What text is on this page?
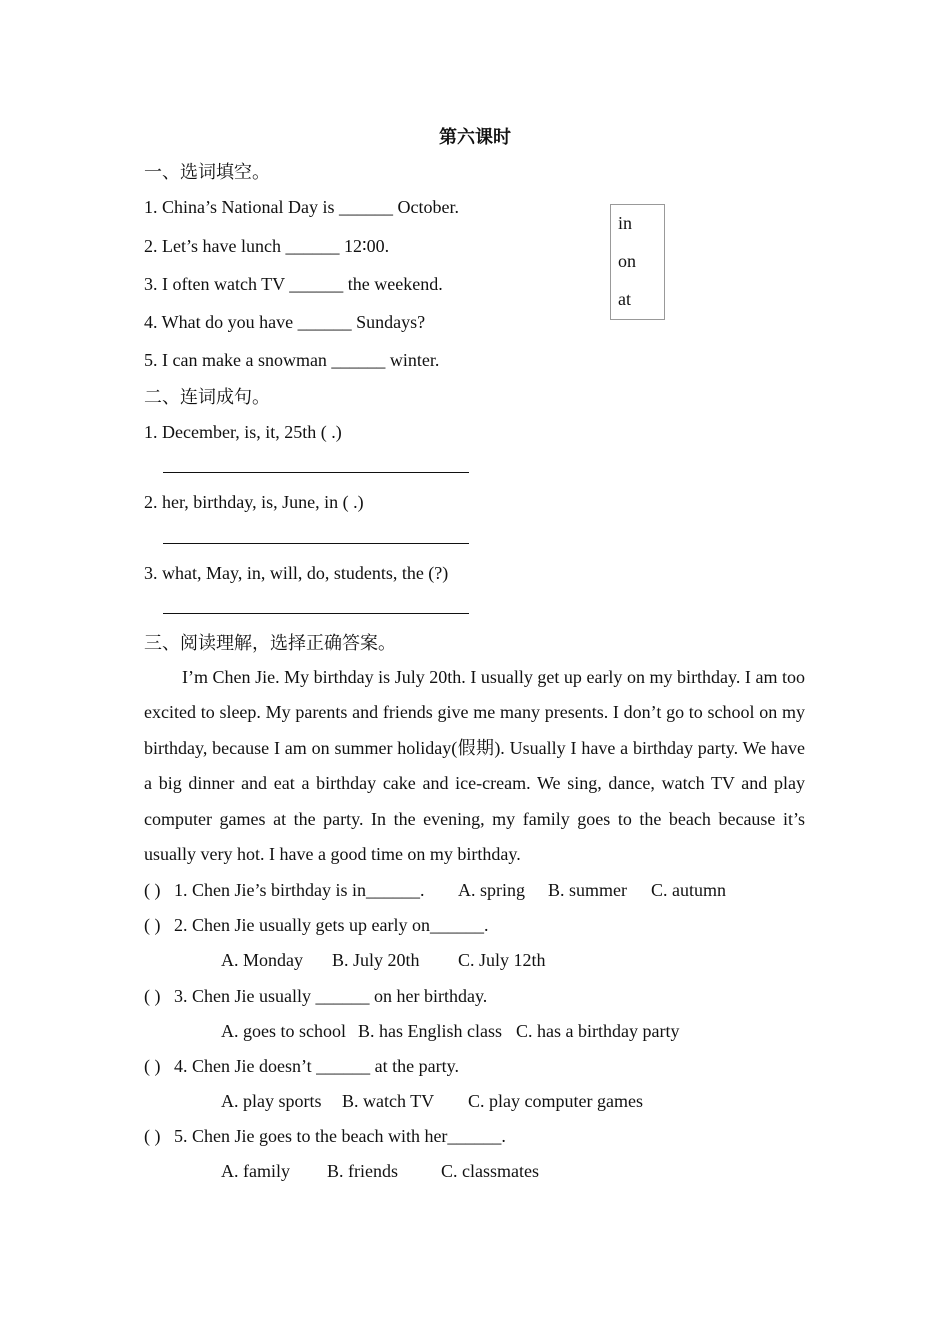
第六课时
一、选词填空。
1. China’s National Day is ______ October.
2. Let’s have lunch ______ 12∶00.
3. I often watch TV ______ the weekend.
4. What do you have ______ Sundays?
5. I can make a snowman ______ winter.
in
on
at
二、连词成句。
1. December, is, it, 25th ( .)
2. her, birthday, is, June, in ( .)
3. what, May, in, will, do, students, the (?)
三、阅读理解，选择正确答案。
I’m Chen Jie. My birthday is July 20th. I usually get up early on my birthday. I am too excited to sleep. My parents and friends give me many presents. I don’t go to school on my birthday, because I am on summer holiday(假期). Usually I have a birthday party. We have a big dinner and eat a birthday cake and ice-cream. We sing, dance, watch TV and play computer games at the party. In the evening, my family goes to the beach because it’s usually very hot. I have a good time on my birthday.
( ) 1. Chen Jie’s birthday is in______. A. spring B. summer C. autumn
( ) 2. Chen Jie usually gets up early on______.
A. Monday B. July 20th C. July 12th
( ) 3. Chen Jie usually ______ on her birthday.
A. goes to school B. has English class C. has a birthday party
( ) 4. Chen Jie doesn’t ______ at the party.
A. play sports B. watch TV C. play computer games
( ) 5. Chen Jie goes to the beach with her______.
A. family B. friends C. classmates
